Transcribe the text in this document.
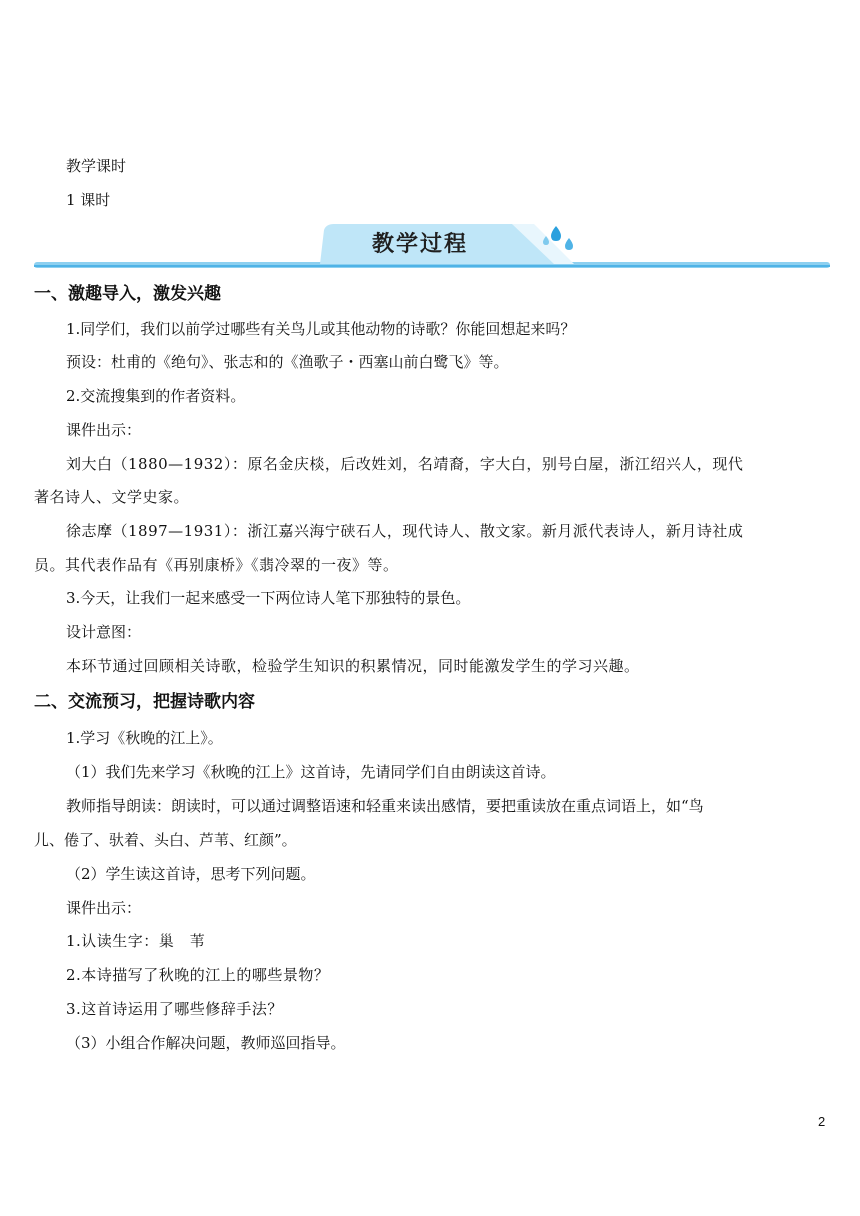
教学课时
1 课时
教学过程
一、激趣导入，激发兴趣
1.同学们，我们以前学过哪些有关鸟儿或其他动物的诗歌？你能回想起来吗？
预设：杜甫的《绝句》、张志和的《渔歌子・西塞山前白鹭飞》等。
2.交流搜集到的作者资料。
课件出示：
刘大白（1880—1932）：原名金庆棪，后改姓刘，名靖裔，字大白，别号白屋，浙江绍兴人，现代
著名诗人、文学史家。
徐志摩（1897—1931）：浙江嘉兴海宁硖石人，现代诗人、散文家。新月派代表诗人，新月诗社成
员。其代表作品有《再别康桥》《翡冷翠的一夜》等。
3.今天，让我们一起来感受一下两位诗人笔下那独特的景色。
设计意图：
本环节通过回顾相关诗歌，检验学生知识的积累情况，同时能激发学生的学习兴趣。
二、交流预习，把握诗歌内容
1.学习《秋晚的江上》。
（1）我们先来学习《秋晚的江上》这首诗，先请同学们自由朗读这首诗。
教师指导朗读：朗读时，可以通过调整语速和轻重来读出感情，要把重读放在重点词语上，如“鸟
儿、倦了、驮着、头白、芦苇、红颜”。
（2）学生读这首诗，思考下列问题。
课件出示：
1.认读生字：巢　苇
2.本诗描写了秋晚的江上的哪些景物？
3.这首诗运用了哪些修辞手法？
（3）小组合作解决问题，教师巡回指导。
2
